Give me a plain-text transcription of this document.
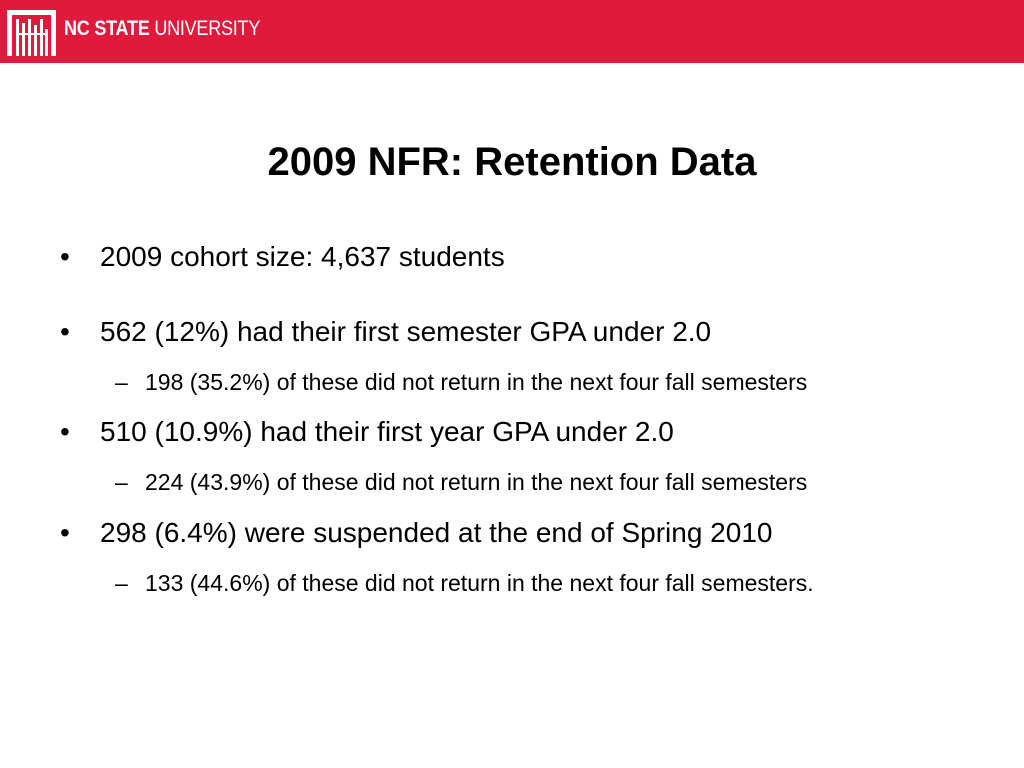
NC STATE UNIVERSITY
2009 NFR: Retention Data
• 2009 cohort size: 4,637 students
• 562 (12%) had their first semester GPA under 2.0
– 198 (35.2%) of these did not return in the next four fall semesters
• 510 (10.9%) had their first year GPA under 2.0
– 224 (43.9%) of these did not return in the next four fall semesters
• 298 (6.4%) were suspended at the end of Spring 2010
– 133 (44.6%) of these did not return in the next four fall semesters.
